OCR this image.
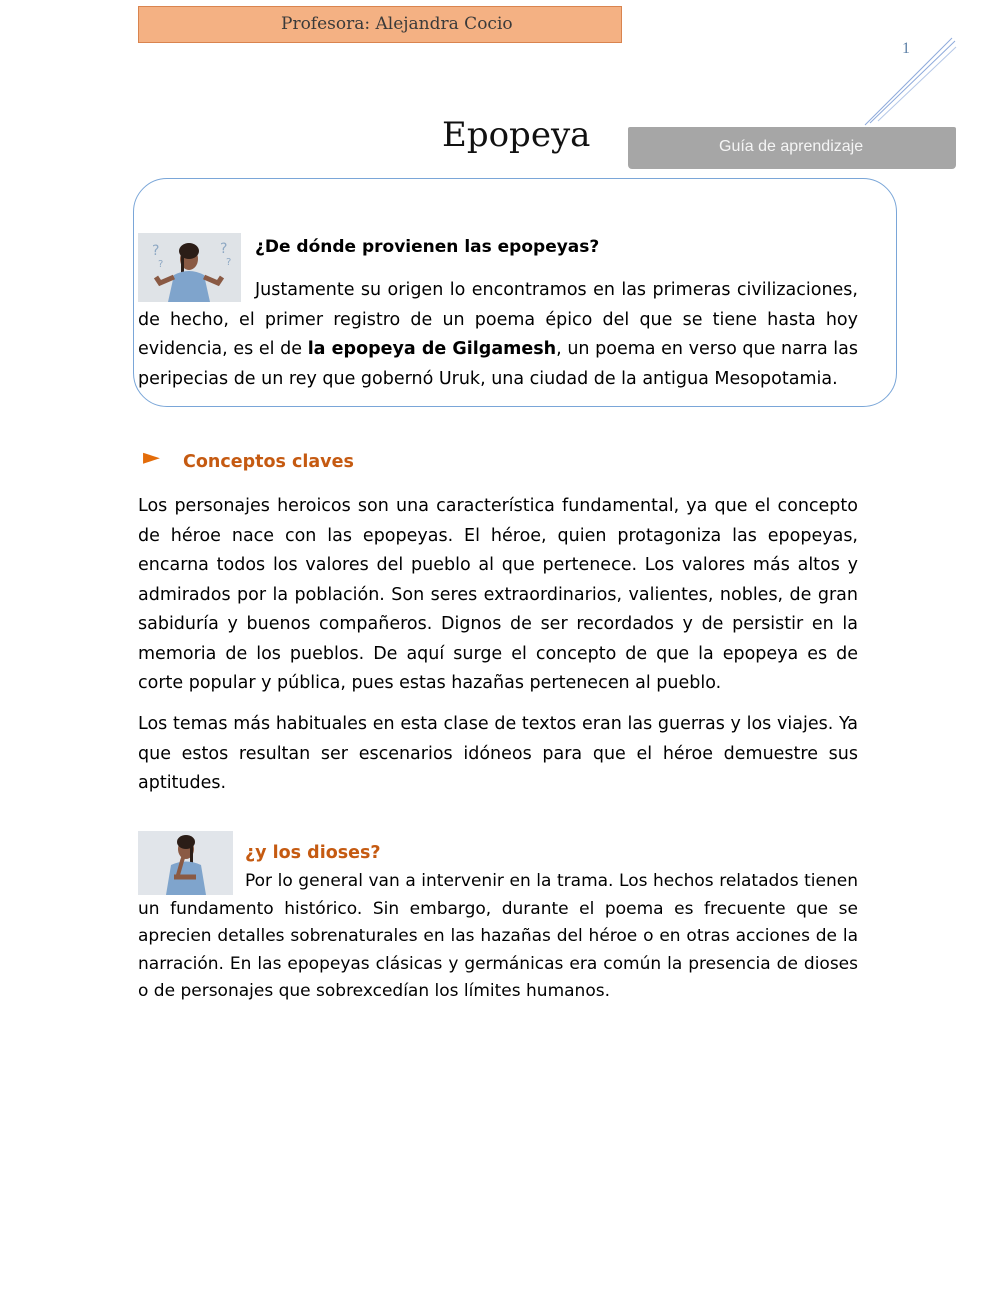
Profesora: Alejandra Cocio
1
Epopeya	Guía de aprendizaje
?
?
?
?
¿De dónde provienen las epopeyas?
Justamente su origen lo encontramos en las primeras civilizaciones, de hecho, el primer registro de un poema épico del que se tiene hasta hoy evidencia, es el de la epopeya de Gilgamesh, un poema en verso que narra las peripecias de un rey que gobernó Uruk, una ciudad de la antigua Mesopotamia.
► Conceptos claves
Los personajes heroicos son una característica fundamental, ya que el concepto de héroe nace con las epopeyas. El héroe, quien protagoniza las epopeyas, encarna todos los valores del pueblo al que pertenece. Los valores más altos y admirados por la población. Son seres extraordinarios, valientes, nobles, de gran sabiduría y buenos compañeros. Dignos de ser recordados y de persistir en la memoria de los pueblos. De aquí surge el concepto de que la epopeya es de corte popular y pública, pues estas hazañas pertenecen al pueblo.
Los temas más habituales en esta clase de textos eran las guerras y los viajes. Ya que estos resultan ser escenarios idóneos para que el héroe demuestre sus aptitudes.
¿y los dioses?
Por lo general van a intervenir en la trama. Los hechos relatados tienen un fundamento histórico. Sin embargo, durante el poema es frecuente que se aprecien detalles sobrenaturales en las hazañas del héroe o en otras acciones de la narración. En las epopeyas clásicas y germánicas era común la presencia de dioses o de personajes que sobrexcedían los límites humanos.
